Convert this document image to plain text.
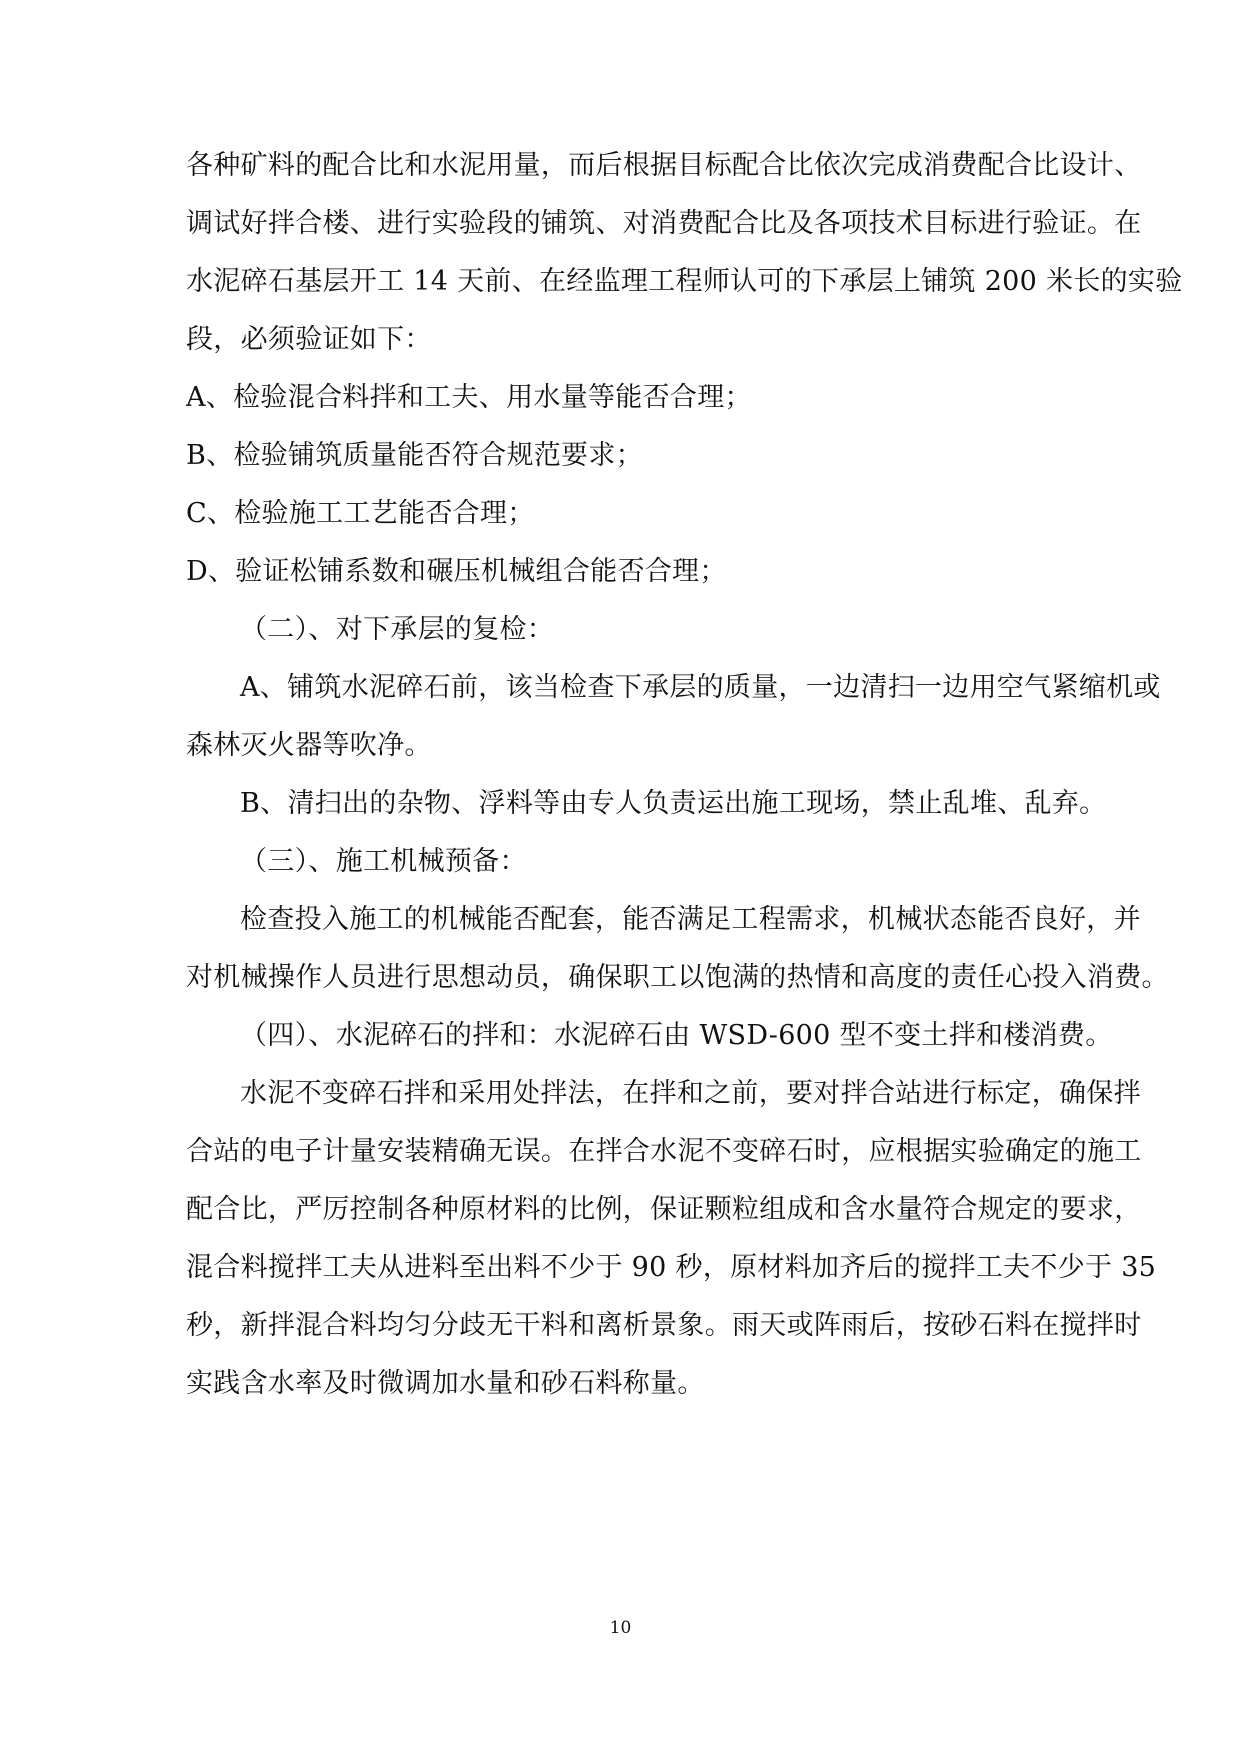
各种矿料的配合比和水泥用量，而后根据目标配合比依次完成消费配合比设计、
调试好拌合楼、进行实验段的铺筑、对消费配合比及各项技术目标进行验证。在
水泥碎石基层开工 14 天前、在经监理工程师认可的下承层上铺筑 200 米长的实验
段，必须验证如下：
A、检验混合料拌和工夫、用水量等能否合理；
B、检验铺筑质量能否符合规范要求；
C、检验施工工艺能否合理；
D、验证松铺系数和碾压机械组合能否合理；
（二）、对下承层的复检：
A、铺筑水泥碎石前，该当检查下承层的质量，一边清扫一边用空气紧缩机或
森林灭火器等吹净。
B、清扫出的杂物、浮料等由专人负责运出施工现场，禁止乱堆、乱弃。
（三）、施工机械预备：
检查投入施工的机械能否配套，能否满足工程需求，机械状态能否良好，并
对机械操作人员进行思想动员，确保职工以饱满的热情和高度的责任心投入消费。
（四）、水泥碎石的拌和：水泥碎石由 WSD-600 型不变土拌和楼消费。
水泥不变碎石拌和采用处拌法，在拌和之前，要对拌合站进行标定，确保拌
合站的电子计量安装精确无误。在拌合水泥不变碎石时，应根据实验确定的施工
配合比，严厉控制各种原材料的比例，保证颗粒组成和含水量符合规定的要求，
混合料搅拌工夫从进料至出料不少于 90 秒，原材料加齐后的搅拌工夫不少于 35
秒，新拌混合料均匀分歧无干料和离析景象。雨天或阵雨后，按砂石料在搅拌时
实践含水率及时微调加水量和砂石料称量。
10
